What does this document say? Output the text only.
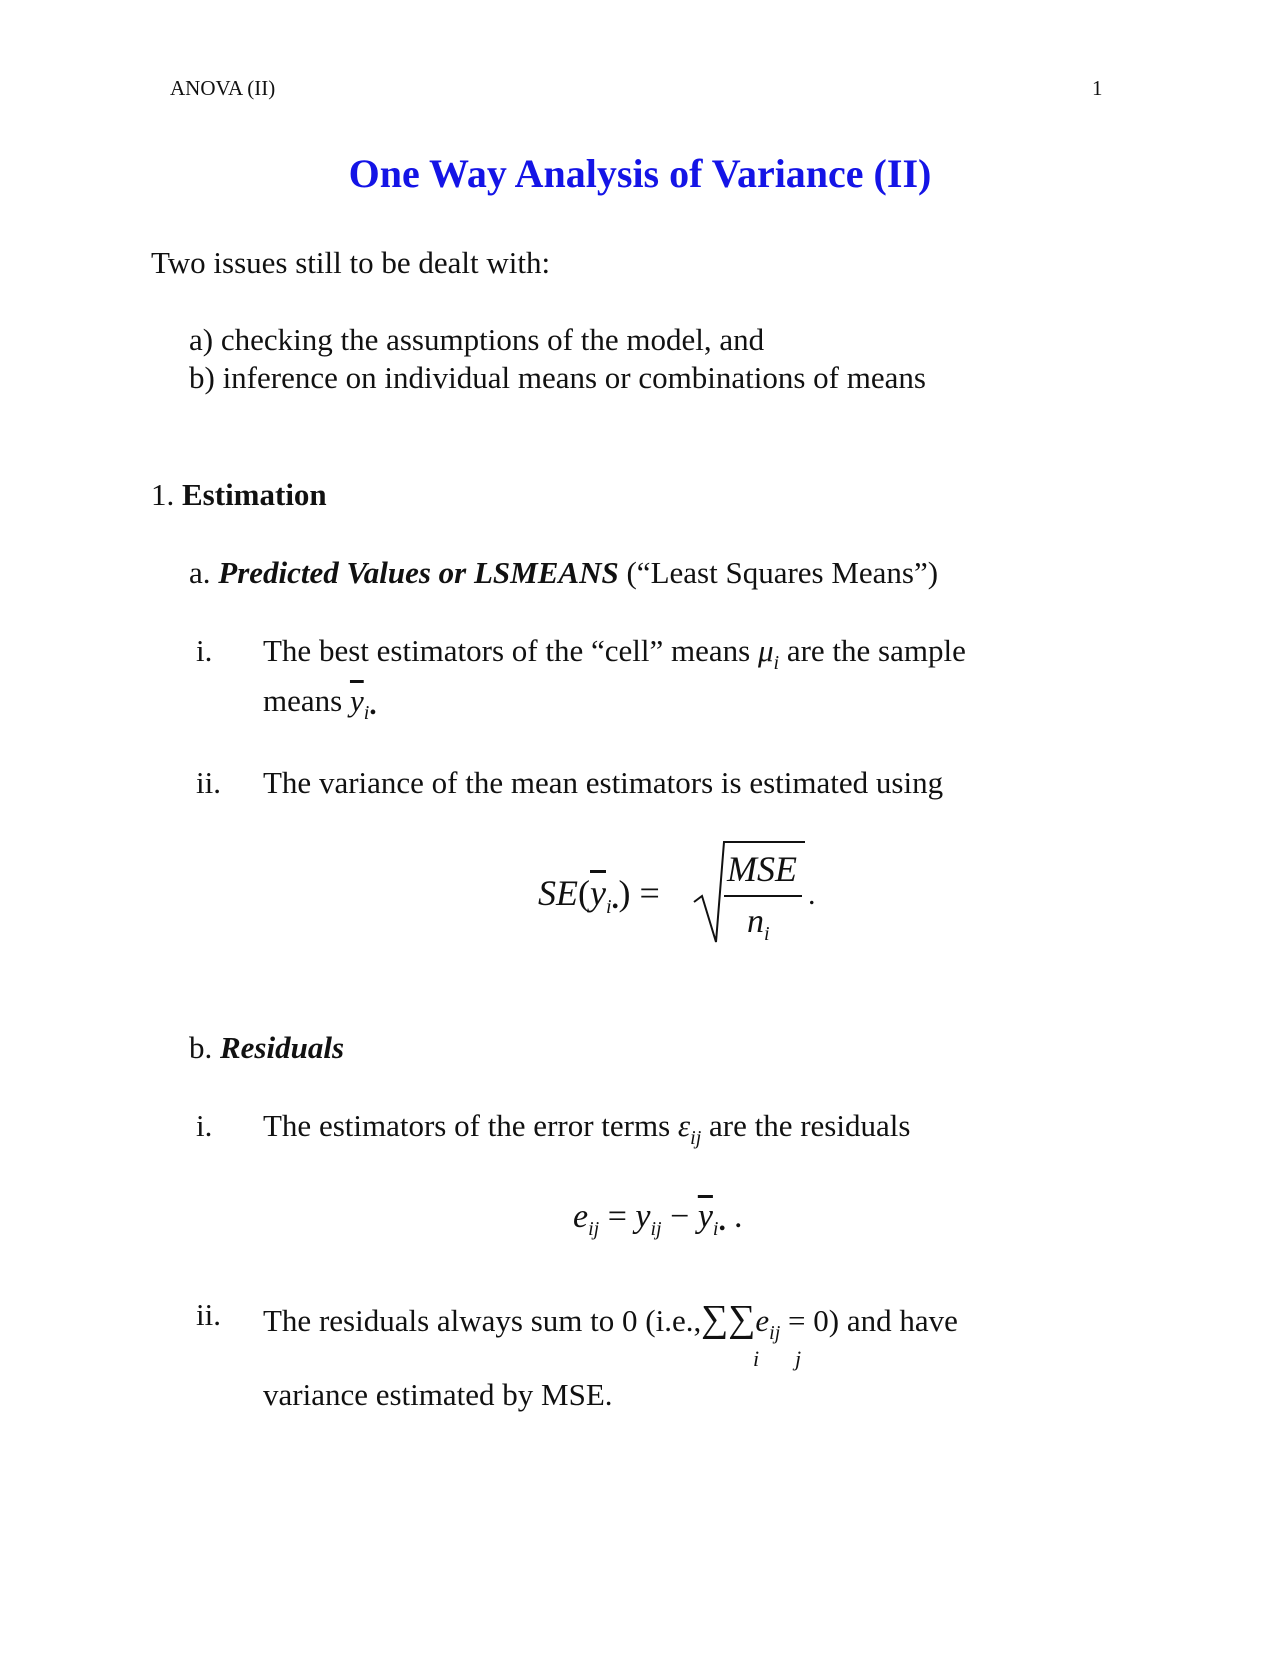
ANOVA (II)	1
One Way Analysis of Variance (II)
Two issues still to be dealt with:
a) checking the assumptions of the model, and
b) inference on individual means or combinations of means
1. Estimation
a. Predicted Values or LSMEANS (“Least Squares Means”)
i. The best estimators of the “cell” means $\mu_i$ are the sample
means $\overline{y}_{i•}$
ii. The variance of the mean estimators is estimated using
$SE(\overline{y}_{i•})$ =
MSE
$n_i$
.
b. Residuals
i. The estimators of the error terms $\varepsilon_{ij}$ are the residuals
$e_{ij} = y_{ij} - \overline{y}_{i•}$ .
ii. The residuals always sum to 0 $(i.e.,\sum\sum e_{ij} = 0)$ and have
i j
variance estimated by MSE.
